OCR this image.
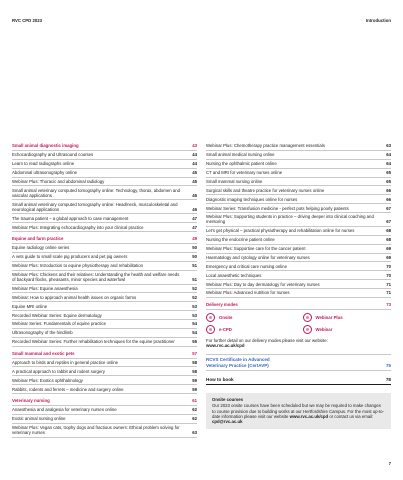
RVC CPD 2023	Introduction
Small animal diagnostic imaging	43
Echocardiography and Ultrasound courses	44
Learn to read radiographs online	44
Abdominal ultrasonography online	45
Webinar Plus: Thoracic and abdominal radiology	45
Small animal veterinary computed tomography online: Technology, thorax, abdomen and vascular applications	46
Small animal veterinary computed tomography online: Head/neck, musculoskeletal and neurological applications	46
The trauma patient – a global approach to case management	47
Webinar Plus: Integrating echocardiography into your clinical practice	47
Equine and farm practice	49
Equine radiology online series	50
A vets guide to small scale pig producers and pet pig owners	50
Webinar Plus: Introduction to equine physiotherapy and rehabilitation	51
Webinar Plus: Chickens and their relatives: Understanding the health and welfare needs of backyard flocks, pheasants, minor species and waterfowl	51
Webinar Plus: Equine anaesthesia	52
Webinar: How to approach animal health issues on organic farms	52
Equine MRI online	53
Recorded Webinar Series: Equine dermatology	53
Webinar Series: Fundamentals of equine practice	54
Ultrasonography of the hindlimb	54
Recorded Webinar Series: Further rehabilitation techniques for the equine practitioner	55
Small mammal and exotic pets	57
Approach to birds and reptiles in general practice online	58
A practical approach to rabbit and rodent surgery	58
Webinar Plus: Exotics ophthalmology	59
Rabbits, rodents and ferrets – medicine and surgery online	59
Veterinary nursing	61
Anaesthesia and analgesia for veterinary nurses online	62
Exotic animal nursing online	62
Webinar Plus: Vegan cats, trophy dogs and fractious owners: Ethical problem solving for veterinary nurses	63
Webinar Plus: Chemotherapy practice management essentials	63
Small animal medical nursing online	64
Nursing the ophthalmic patient online	64
CT and MRI for veterinary nurses online	65
Small mammal nursing online	65
Surgical skills and theatre practice for veterinary nurses online	66
Diagnostic imaging techniques online for nurses	66
Webinar Series: Transfusion medicine - perfect pots helping poorly patients	67
Webinar Plus: Supporting students in practice – driving deeper into clinical coaching and mentoring	67
Let's get physical – practical physiotherapy and rehabilitation online for nurses	68
Nursing the endocrine patient online	68
Webinar Plus: Supportive care for the cancer patient	69
Haematology and cytology online for veterinary nurses	69
Emergency and critical care nursing online	70
Local anaesthetic techniques	70
Webinar Plus: Day to day dermatology for veterinary nurses	71
Webinar Plus: Advanced nutrition for nurses	71
Delivery modes	73
Onsite	Webinar Plus
e-CPD	Webinar
For further detail on our delivery modes please visit our website:
www.rvc.ac.uk/cpd
RCVS Certificate in Advanced
Veterinary Practice (CertAVP)	75
How to book	78
Onsite courses
Our 2023 onsite courses have been scheduled but we may be required to make changes to course provision due to building works at our Hertfordshire Campus. For the most up-to-date information please visit our website www.rvc.ac.uk/cpd or contact us via email: cpd@rvc.ac.uk
7
